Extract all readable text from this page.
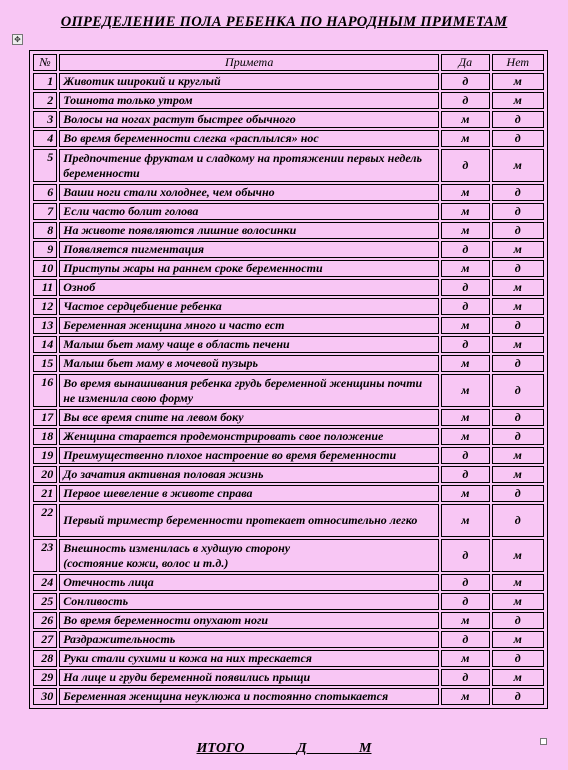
ОПРЕДЕЛЕНИЕ ПОЛА РЕБЕНКА ПО НАРОДНЫМ ПРИМЕТАМ
✥
№	Примета	Да	Нет
1	Животик широкий и круглый	д	м
2	Тошнота только утром	д	м
3	Волосы на ногах растут быстрее обычного	м	д
4	Во время беременности слегка «расплылся» нос	м	д
5	Предпочтение фруктам и сладкому на протяжении первых недель беременности	д	м
6	Ваши ноги стали холоднее, чем обычно	м	д
7	Если часто болит голова	м	д
8	На животе появляются лишние волосинки	м	д
9	Появляется пигментация	д	м
10	Приступы жары на раннем сроке беременности	м	д
11	Озноб	д	м
12	Частое сердцебиение ребенка	д	м
13	Беременная женщина много и часто ест	м	д
14	Малыш бьет маму чаще в область печени	д	м
15	Малыш бьет маму в мочевой пузырь	м	д
16	Во время вынашивания ребенка грудь беременной женщины почти не изменила свою форму	м	д
17	Вы все время спите на левом боку	м	д
18	Женщина старается продемонстрировать свое положение	м	д
19	Преимущественно плохое настроение во время беременности	д	м
20	До зачатия активная половая жизнь	д	м
21	Первое шевеление в животе справа	м	д
22	Первый триместр беременности протекает относительно легко	м	д
23	Внешность изменилась в худшую сторону
(состояние кожи, волос и т.д.)	д	м
24	Отечность лица	д	м
25	Сонливость	д	м
26	Во время беременности опухают ноги	м	д
27	Раздражительность	д	м
28	Руки стали сухими и кожа на них трескается	м	д
29	На лице и груди беременной появились прыщи	д	м
30	Беременная женщина неуклюжа и постоянно спотыкается	м	д
ИТОГО ____ Д ____ М
